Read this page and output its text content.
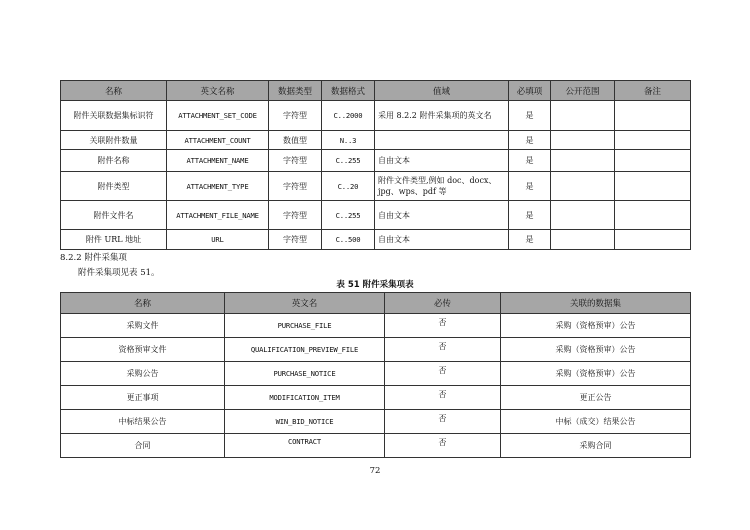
名称	英文名称	数据类型	数据格式	值域	必填项	公开范围	备注
附件关联数据集标识符	ATTACHMENT_SET_CODE	字符型	C..2000	采用 8.2.2 附件采集项的英文名	是		
关联附件数量	ATTACHMENT_COUNT	数值型	N..3		是		
附件名称	ATTACHMENT_NAME	字符型	C..255	自由文本	是		
附件类型	ATTACHMENT_TYPE	字符型	C..20	附件文件类型,例如 doc、docx、jpg、wps、pdf 等	是		
附件文件名	ATTACHMENT_FILE_NAME	字符型	C..255	自由文本	是		
附件 URL 地址	URL	字符型	C..500	自由文本	是		
8.2.2 附件采集项
附件采集项见表 51。
表 51 附件采集项表
名称	英文名	必传	关联的数据集
采购文件	PURCHASE_FILE	否	采购（资格预审）公告
资格预审文件	QUALIFICATION_PREVIEW_FILE	否	采购（资格预审）公告
采购公告	PURCHASE_NOTICE	否	采购（资格预审）公告
更正事项	MODIFICATION_ITEM	否	更正公告
中标结果公告	WIN_BID_NOTICE	否	中标（成交）结果公告
合同	CONTRACT	否	采购合同
72
